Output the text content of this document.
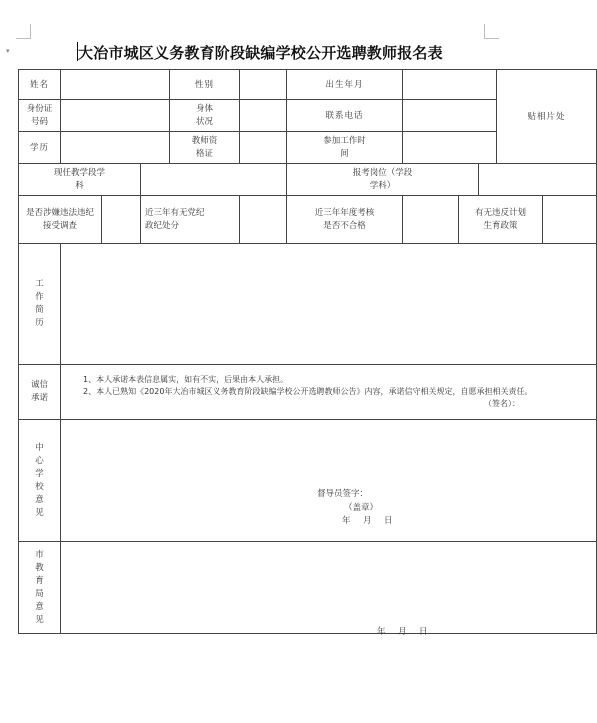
▾	大冶市城区义务教育阶段缺编学校公开选聘教师报名表
姓名				性别		出生年月				贴相片处	
身份证号码				身体状况		联系电话					
学历				教师资格证		参加工作时间					
现任教学段学科						报考岗位（学段学科）					
是否涉嫌违法违纪接受调查			近三年有无党纪政纪处分			近三年年度考核是否不合格		有无违反计划生育政策			
工作简历											
诚信承诺	1、本人承诺本表信息属实，如有不实，后果由本人承担。
2、本人已熟知《2020年大冶市城区义务教育阶段缺编学校公开选聘教师公告》内容，承诺信守相关规定，自愿承担相关责任。
（签名）：										

中心学校意见	督导员签字：
（盖章）
年　月　日										

市教育局意见	年　月　日										
